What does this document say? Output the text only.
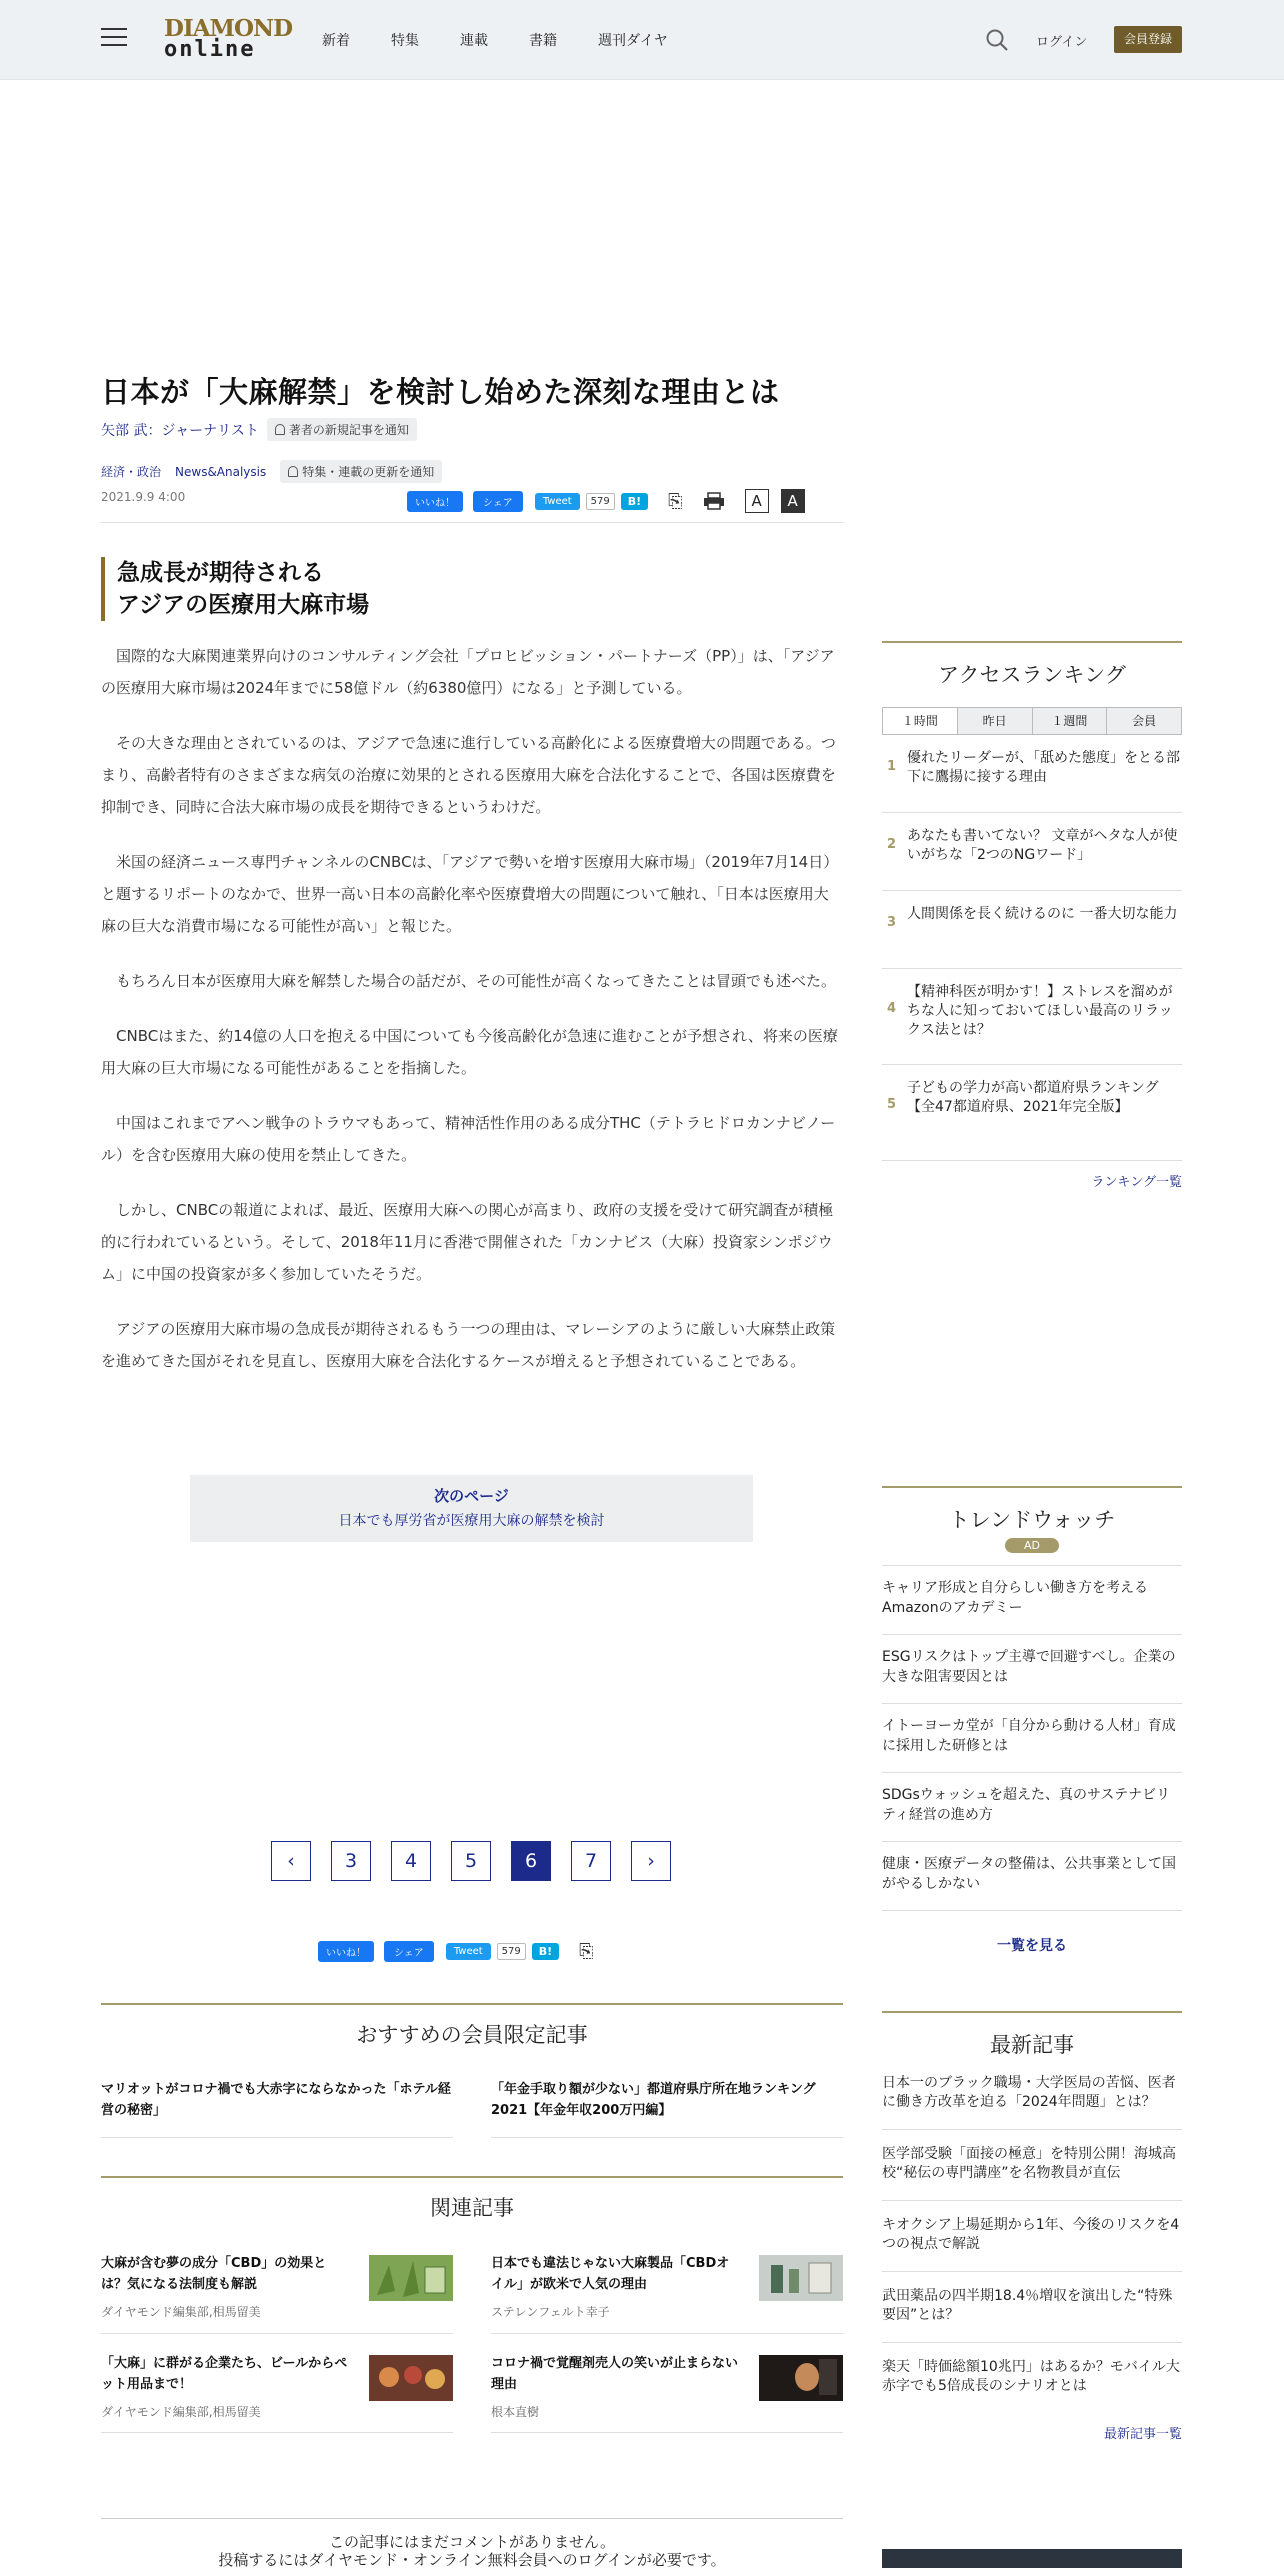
DIAMOND
online	新着	特集	連載	書籍	週刊ダイヤ	ログイン	会員登録
日本が「大麻解禁」を検討し始めた深刻な理由とは
矢部 武：ジャーナリスト	著者の新規記事を通知
経済・政治 News&Analysis	特集・連載の更新を通知
2021.9.9 4:00	いいね！	シェア	Tweet	579	B!	⎘	A	A
急成長が期待される
アジアの医療用大麻市場

国際的な大麻関連業界向けのコンサルティング会社「プロヒビッション・パートナーズ（PP）」は、「アジアの医療用大麻市場は2024年までに58億ドル（約6380億円）になる」と予測している。

その大きな理由とされているのは、アジアで急速に進行している高齢化による医療費増大の問題である。つまり、高齢者特有のさまざまな病気の治療に効果的とされる医療用大麻を合法化することで、各国は医療費を抑制でき、同時に合法大麻市場の成長を期待できるというわけだ。

米国の経済ニュース専門チャンネルのCNBCは、「アジアで勢いを増す医療用大麻市場」（2019年7月14日）と題するリポートのなかで、世界一高い日本の高齢化率や医療費増大の問題について触れ、「日本は医療用大麻の巨大な消費市場になる可能性が高い」と報じた。

もちろん日本が医療用大麻を解禁した場合の話だが、その可能性が高くなってきたことは冒頭でも述べた。

CNBCはまた、約14億の人口を抱える中国についても今後高齢化が急速に進むことが予想され、将来の医療用大麻の巨大市場になる可能性があることを指摘した。

中国はこれまでアヘン戦争のトラウマもあって、精神活性作用のある成分THC（テトラヒドロカンナビノール）を含む医療用大麻の使用を禁止してきた。

しかし、CNBCの報道によれば、最近、医療用大麻への関心が高まり、政府の支援を受けて研究調査が積極的に行われているという。そして、2018年11月に香港で開催された「カンナビス（大麻）投資家シンポジウム」に中国の投資家が多く参加していたそうだ。

アジアの医療用大麻市場の急成長が期待されるもう一つの理由は、マレーシアのように厳しい大麻禁止政策を進めてきた国がそれを見直し、医療用大麻を合法化するケースが増えると予想されていることである。

次のページ
日本でも厚労省が医療用大麻の解禁を検討
‹	3	4	5	6	7	›
いいね！	シェア	Tweet	579	B!	⎘
おすすめの会員限定記事
マリオットがコロナ禍でも大赤字にならなかった「ホテル経営の秘密」
「年金手取り額が少ない」都道府県庁所在地ランキング2021【年金年収200万円編】
関連記事
大麻が含む夢の成分「CBD」の効果とは？気になる法制度も解説
ダイヤモンド編集部,相馬留美
日本でも違法じゃない大麻製品「CBDオイル」が欧米で人気の理由
ステレンフェルト幸子
「大麻」に群がる企業たち、ビールからペット用品まで！
ダイヤモンド編集部,相馬留美
コロナ禍で覚醒剤売人の笑いが止まらない理由
根本直樹
この記事にはまだコメントがありません。
投稿するにはダイヤモンド・オンライン無料会員へのログインが必要です。
アクセスランキング
１時間	昨日	１週間	会員
1
優れたリーダーが、「舐めた態度」をとる部下に鷹揚に接する理由
2
あなたも書いてない？ 文章がヘタな人が使いがちな「2つのNGワード」
3
人間関係を長く続けるのに 一番大切な能力
4
【精神科医が明かす！】ストレスを溜めがちな人に知っておいてほしい最高のリラックス法とは？
5
子どもの学力が高い都道府県ランキング【全47都道府県、2021年完全版】
ランキング一覧
トレンドウォッチ
AD
キャリア形成と自分らしい働き方を考えるAmazonのアカデミー
ESGリスクはトップ主導で回避すべし。企業の大きな阻害要因とは
イトーヨーカ堂が「自分から動ける人材」育成に採用した研修とは
SDGsウォッシュを超えた、真のサステナビリティ経営の進め方
健康・医療データの整備は、公共事業として国がやるしかない
一覧を見る
最新記事
日本一のブラック職場・大学医局の苦悩、医者に働き方改革を迫る「2024年問題」とは？
医学部受験「面接の極意」を特別公開！海城高校“秘伝の専門講座”を名物教員が直伝
キオクシア上場延期から1年、今後のリスクを4つの視点で解説
武田薬品の四半期18.4％増収を演出した“特殊要因”とは？
楽天「時価総額10兆円」はあるか？モバイル大赤字でも5倍成長のシナリオとは
最新記事一覧
